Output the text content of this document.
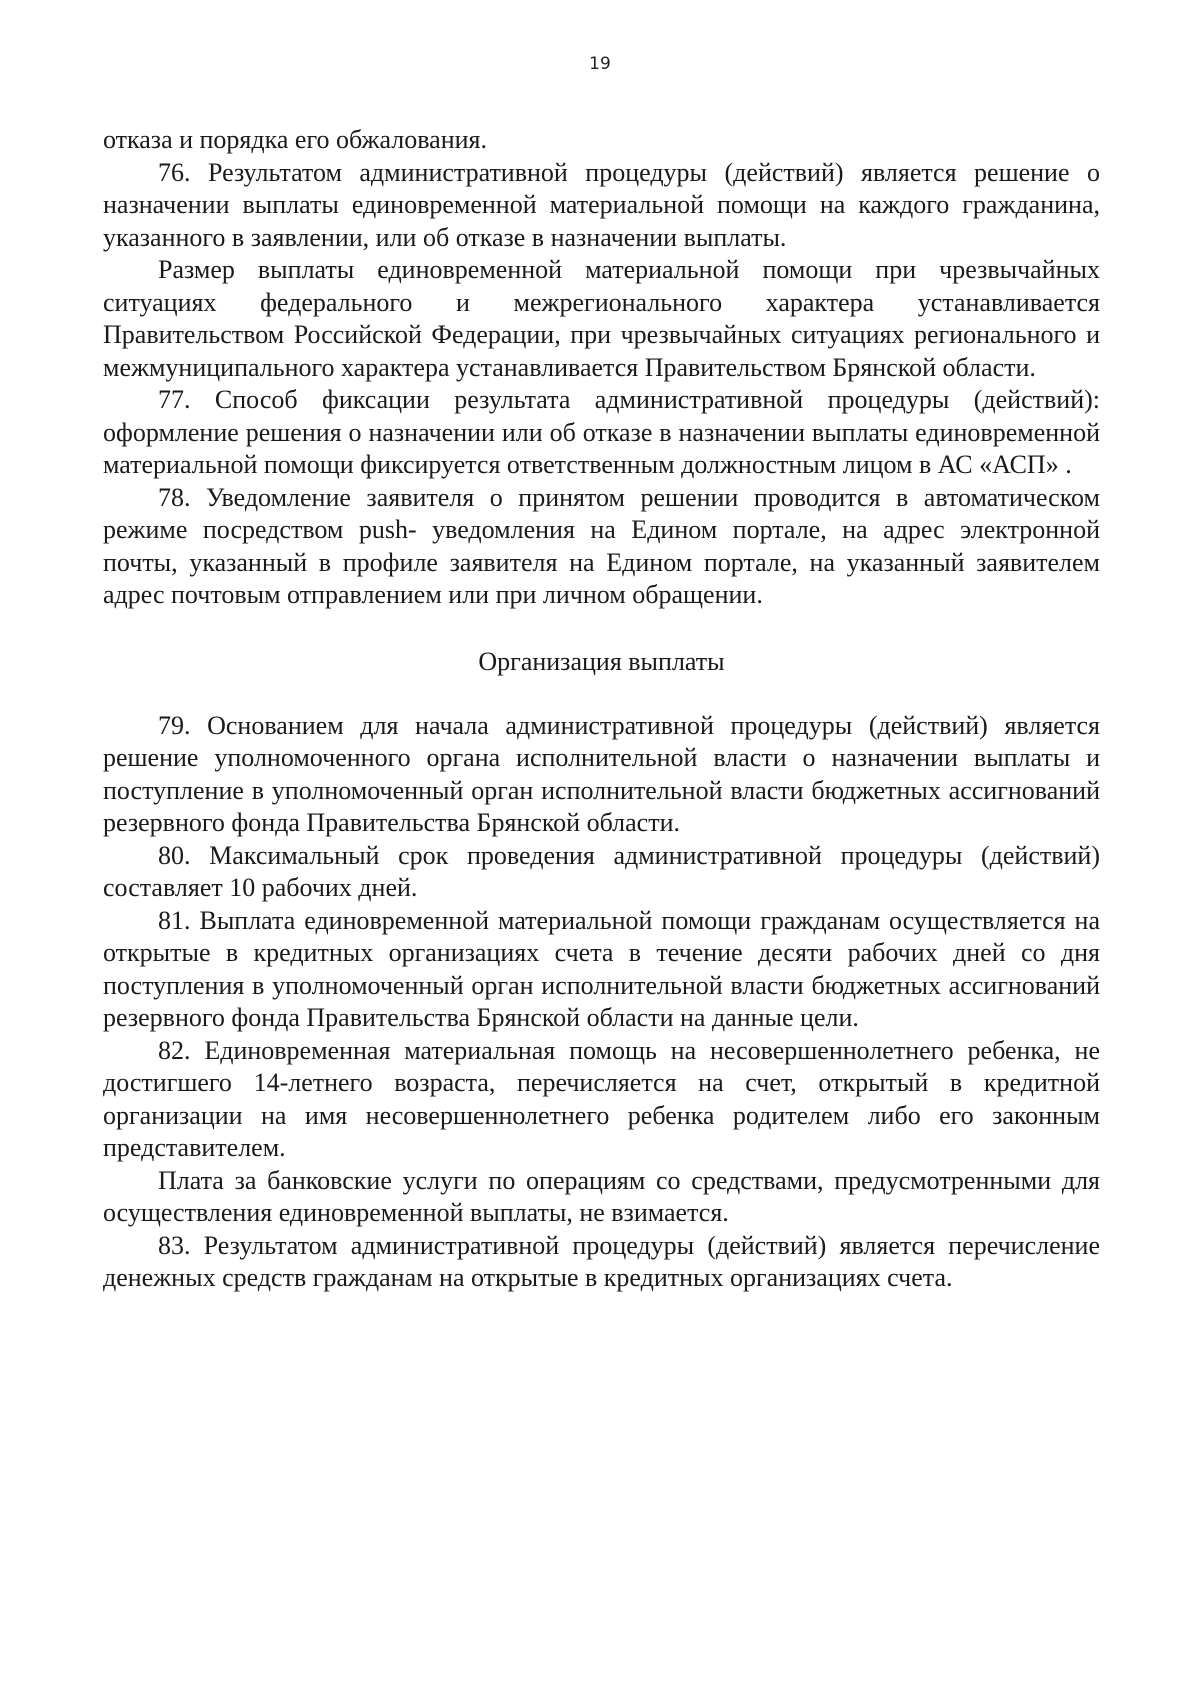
19

отказа и порядка его обжалования.

76. Результатом административной процедуры (действий) является решение о назначении выплаты единовременной материальной помощи на каждого гражданина, указанного в заявлении, или об отказе в назначении выплаты.

Размер выплаты единовременной материальной помощи при чрезвычайных ситуациях федерального и межрегионального характера устанавливается Правительством Российской Федерации, при чрезвычайных ситуациях регионального и межмуниципального характера устанавливается Правительством Брянской области.

77. Способ фиксации результата административной процедуры (действий): оформление решения о назначении или об отказе в назначении выплаты единовременной материальной помощи фиксируется ответственным должностным лицом в АС «АСП» .

78. Уведомление заявителя о принятом решении проводится в автоматическом режиме посредством push- уведомления на Едином портале, на адрес электронной почты, указанный в профиле заявителя на Едином портале, на указанный заявителем адрес почтовым отправлением или при личном обращении.

Организация выплаты

79. Основанием для начала административной процедуры (действий) является решение уполномоченного органа исполнительной власти о назначении выплаты и поступление в уполномоченный орган исполнительной власти бюджетных ассигнований резервного фонда Правительства Брянской области.

80. Максимальный срок проведения административной процедуры (действий) составляет 10 рабочих дней.

81. Выплата единовременной материальной помощи гражданам осуществляется на открытые в кредитных организациях счета в течение десяти рабочих дней со дня поступления в уполномоченный орган исполнительной власти бюджетных ассигнований резервного фонда Правительства Брянской области на данные цели.

82. Единовременная материальная помощь на несовершеннолетнего ребенка, не достигшего 14-летнего возраста, перечисляется на счет, открытый в кредитной организации на имя несовершеннолетнего ребенка родителем либо его законным представителем.

Плата за банковские услуги по операциям со средствами, предусмотренными для осуществления единовременной выплаты, не взимается.

83. Результатом административной процедуры (действий) является перечисление денежных средств гражданам на открытые в кредитных организациях счета.
